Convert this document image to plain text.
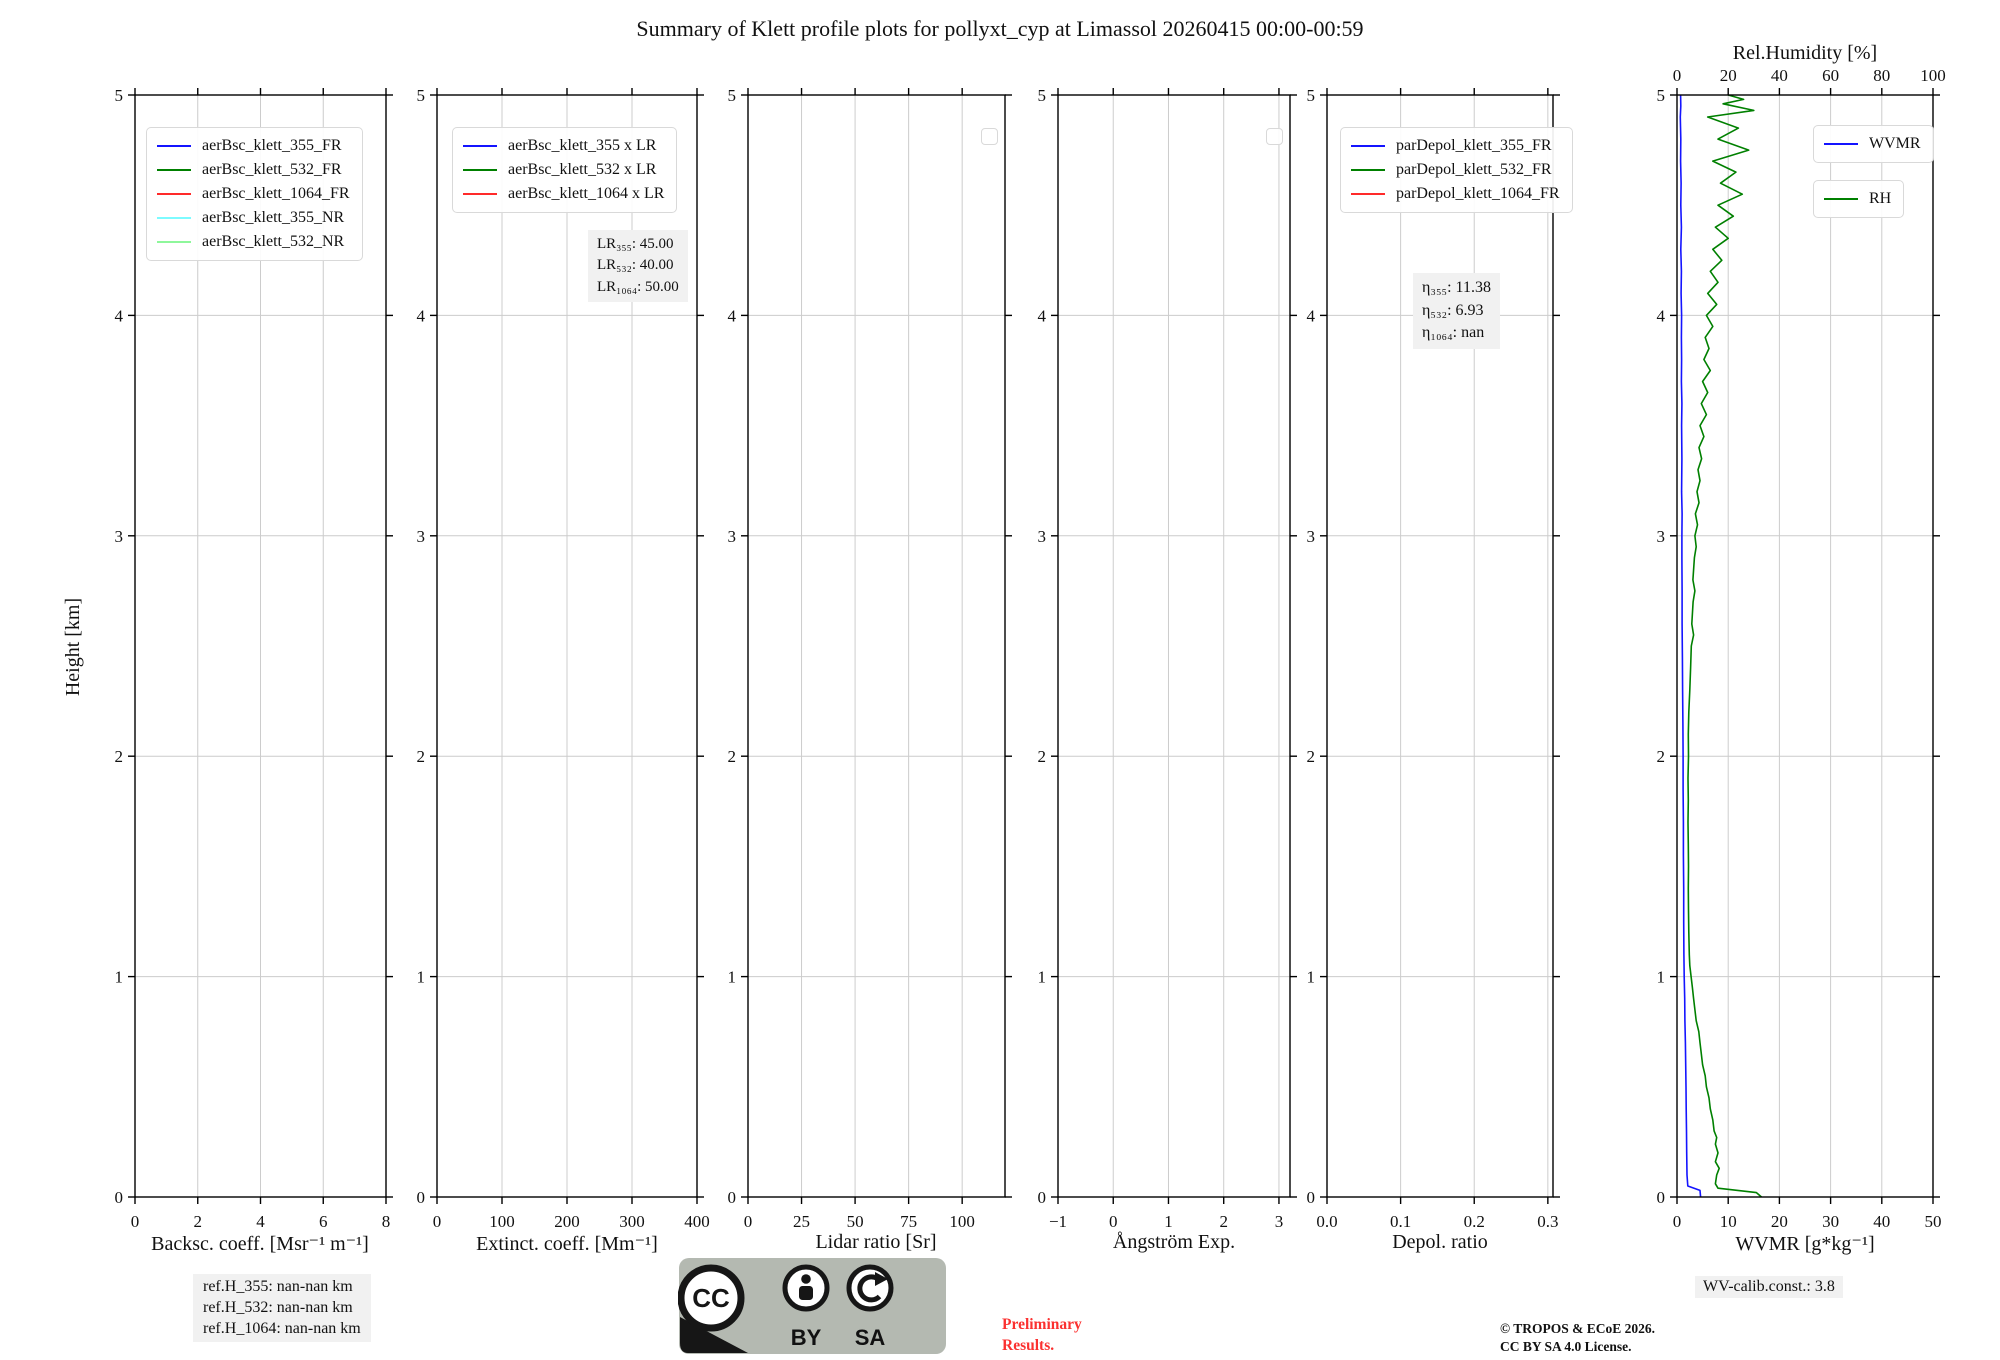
0	2	4	6	8
0
1
2
3
4
5
0	100 200 300 400
0
1
2
3
4
5
0 25 50 75 100
0
1
2
3
4
5
−1 0	1	2	3
0
1
2
3
4
5
0.0	0.1	0.2	0.3
0
1
2
3
4
5
0 10 20 30 40 50
0 20 40 60 80 100
0
1
2
3
4
5
Summary of Klett profile plots for pollyxt_cyp at Limassol 20260415 00:00-00:59
Height [km]
Rel.Humidity [%]
Backsc. coeff. [Msr⁻¹ m⁻¹]	Extinct. coeff. [Mm⁻¹]	Lidar ratio [Sr]	Ångström Exp.	Depol. ratio	WVMR [g*kg⁻¹]
aerBsc_klett_355_FR
aerBsc_klett_532_FR
aerBsc_klett_1064_FR
aerBsc_klett_355_NR
aerBsc_klett_532_NR
aerBsc_klett_355 x LR
aerBsc_klett_532 x LR
aerBsc_klett_1064 x LR
parDepol_klett_355_FR
parDepol_klett_532_FR
parDepol_klett_1064_FR
WVMR
RH
LR₃₅₅: 45.00
LR₅₃₂: 40.00
LR₁₀₆₄: 50.00	η₃₅₅: 11.38
η₅₃₂: 6.93
η₁₀₆₄: nan
ref.H_355: nan-nan km
ref.H_532: nan-nan km
ref.H_1064: nan-nan km
CC
BY SA
Preliminary
Results.
© TROPOS & ECoE 2026.
CC BY SA 4.0 License.
WV-calib.const.: 3.8
